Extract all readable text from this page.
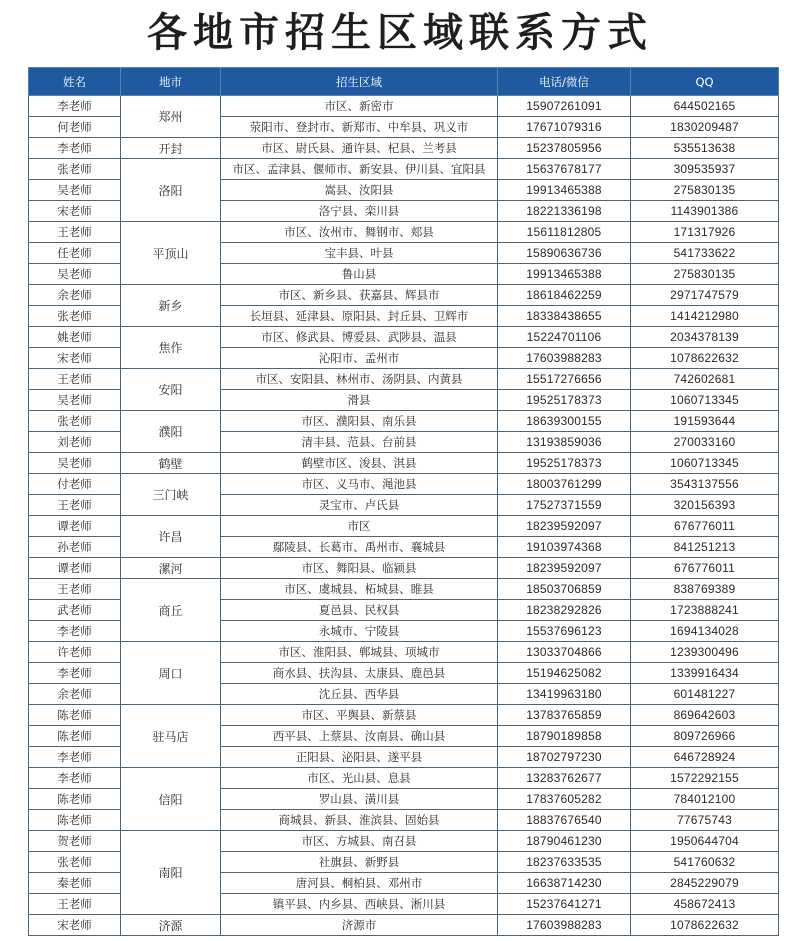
各地市招生区域联系方式
姓名	地市	招生区域	电话/微信	QQ
李老师	郑州	市区、新密市	15907261091	644502165
何老师		荥阳市、登封市、新郑市、中牟县、巩义市	17671079316	1830209487
李老师	开封	市区、尉氏县、通许县、杞县、兰考县	15237805956	535513638
张老师	洛阳	市区、孟津县、偃师市、新安县、伊川县、宜阳县	15637678177	309535937
吴老师		嵩县、汝阳县	19913465388	275830135
宋老师		洛宁县、栾川县	18221336198	1143901386
王老师	平顶山	市区、汝州市、舞钢市、郏县	15611812805	171317926
任老师		宝丰县、叶县	15890636736	541733622
吴老师		鲁山县	19913465388	275830135
余老师	新乡	市区、新乡县、获嘉县、辉县市	18618462259	2971747579
张老师		长垣县、延津县、原阳县、封丘县、卫辉市	18338438655	1414212980
姚老师	焦作	市区、修武县、博爱县、武陟县、温县	15224701106	2034378139
宋老师		沁阳市、孟州市	17603988283	1078622632
王老师	安阳	市区、安阳县、林州市、汤阴县、内黄县	15517276656	742602681
吴老师		滑县	19525178373	1060713345
张老师	濮阳	市区、濮阳县、南乐县	18639300155	191593644
刘老师		清丰县、范县、台前县	13193859036	270033160
吴老师	鹤壁	鹤壁市区、浚县、淇县	19525178373	1060713345
付老师	三门峡	市区、义马市、渑池县	18003761299	3543137556
王老师		灵宝市、卢氏县	17527371559	320156393
谭老师	许昌	市区	18239592097	676776011
孙老师		鄢陵县、长葛市、禹州市、襄城县	19103974368	841251213
谭老师	漯河	市区、舞阳县、临颍县	18239592097	676776011
王老师	商丘	市区、虞城县、柘城县、睢县	18503706859	838769389
武老师		夏邑县、民权县	18238292826	1723888241
李老师		永城市、宁陵县	15537696123	1694134028
许老师	周口	市区、淮阳县、郸城县、项城市	13033704866	1239300496
李老师		商水县、扶沟县、太康县、鹿邑县	15194625082	1339916434
余老师		沈丘县、西华县	13419963180	601481227
陈老师	驻马店	市区、平舆县、新蔡县	13783765859	869642603
陈老师		西平县、上蔡县、汝南县、确山县	18790189858	809726966
李老师		正阳县、泌阳县、遂平县	18702797230	646728924
李老师	信阳	市区、光山县、息县	13283762677	1572292155
陈老师		罗山县、潢川县	17837605282	784012100
陈老师		商城县、新县、淮滨县、固始县	18837676540	77675743
贺老师	南阳	市区、方城县、南召县	18790461230	1950644704
张老师		社旗县、新野县	18237633535	541760632
秦老师		唐河县、桐柏县、邓州市	16638714230	2845229079
王老师		镇平县、内乡县、西峡县、淅川县	15237641271	458672413
宋老师	济源	济源市	17603988283	1078622632
